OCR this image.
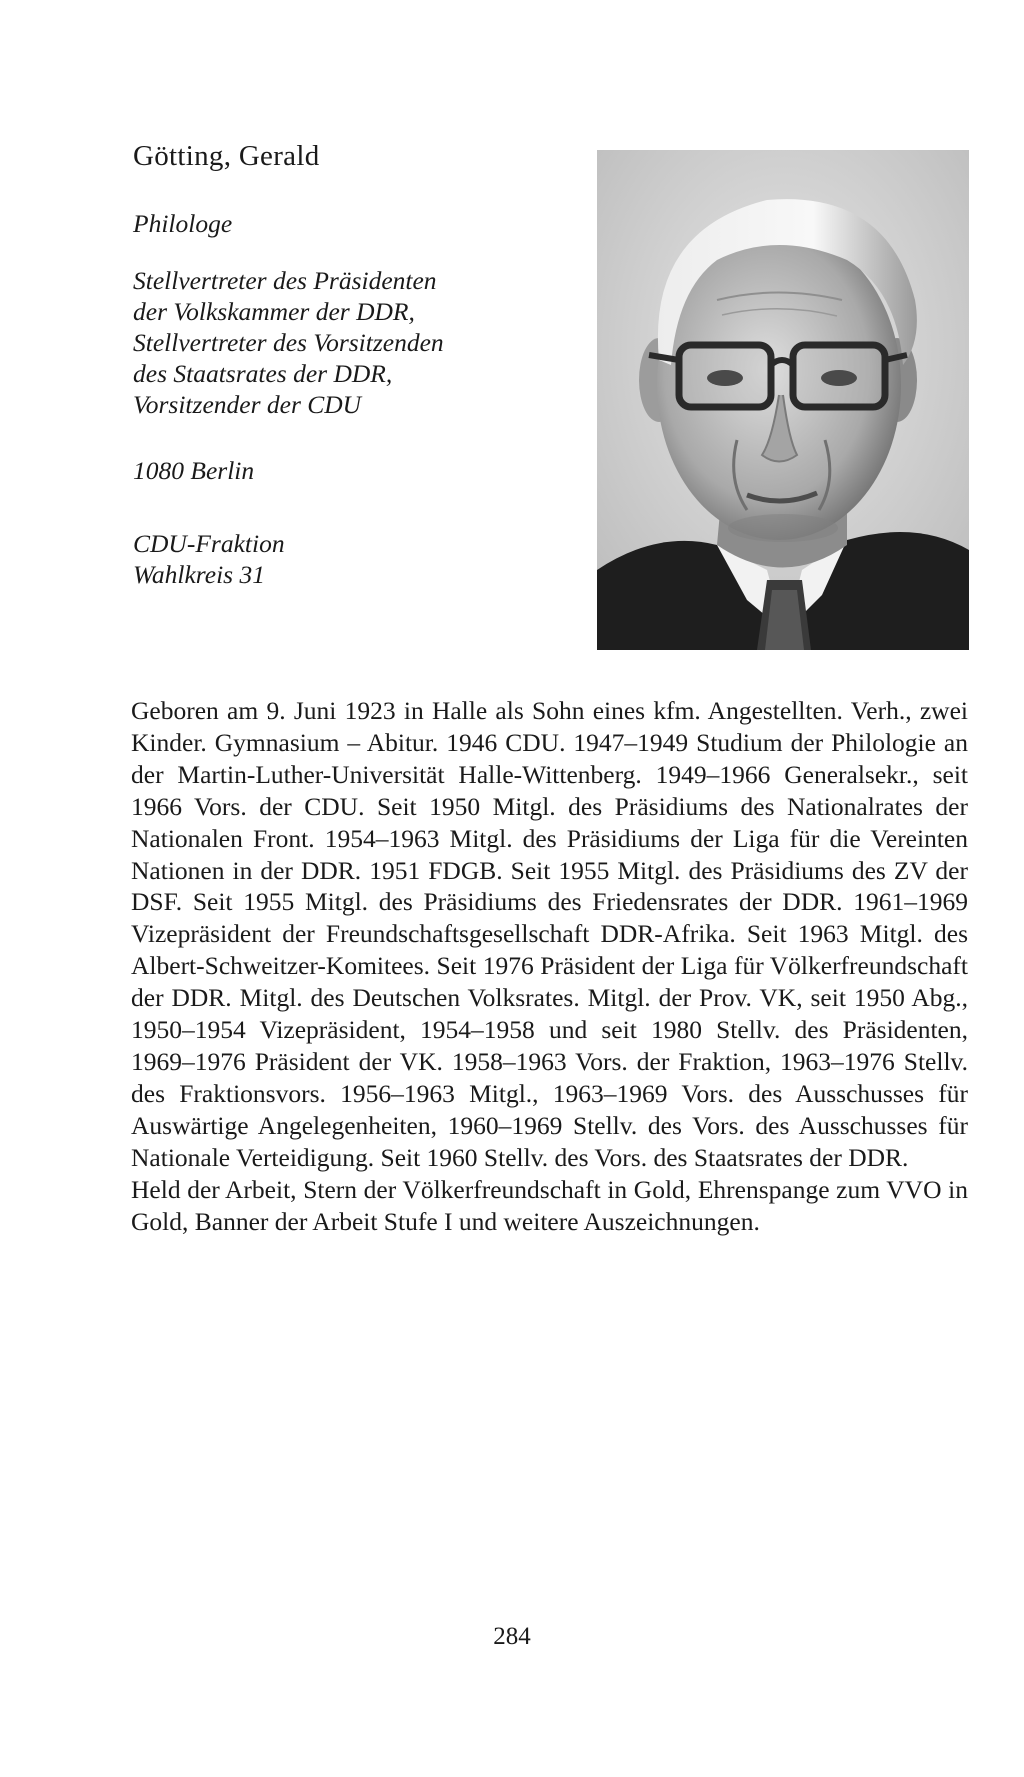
Götting, Gerald

Philologe

Stellvertreter des Präsidenten
der Volkskammer der DDR,
Stellvertreter des Vorsitzenden
des Staatsrates der DDR,
Vorsitzender der CDU

1080 Berlin

CDU-Fraktion
Wahlkreis 31

Geboren am 9. Juni 1923 in Halle als Sohn eines kfm. Angestellten. Verh., zwei Kinder. Gymnasium – Abitur. 1946 CDU. 1947–1949 Studium der Philologie an der Martin-Luther-Universität Halle-Wittenberg. 1949–1966 Generalsekr., seit 1966 Vors. der CDU. Seit 1950 Mitgl. des Präsidiums des Nationalrates der Nationalen Front. 1954–1963 Mitgl. des Präsidiums der Liga für die Vereinten Nationen in der DDR. 1951 FDGB. Seit 1955 Mitgl. des Präsidiums des ZV der DSF. Seit 1955 Mitgl. des Präsidiums des Friedensrates der DDR. 1961–1969 Vizepräsident der Freundschaftsgesellschaft DDR-Afrika. Seit 1963 Mitgl. des Albert-Schweitzer-Komitees. Seit 1976 Präsident der Liga für Völkerfreundschaft der DDR. Mitgl. des Deutschen Volksrates. Mitgl. der Prov. VK, seit 1950 Abg., 1950–1954 Vizepräsident, 1954–1958 und seit 1980 Stellv. des Präsidenten, 1969–1976 Präsident der VK. 1958–1963 Vors. der Fraktion, 1963–1976 Stellv. des Fraktionsvors. 1956–1963 Mitgl., 1963–1969 Vors. des Ausschusses für Auswärtige Angelegenheiten, 1960–1969 Stellv. des Vors. des Ausschusses für Nationale Verteidigung. Seit 1960 Stellv. des Vors. des Staatsrates der DDR.

Held der Arbeit, Stern der Völkerfreundschaft in Gold, Ehrenspange zum VVO in Gold, Banner der Arbeit Stufe I und weitere Auszeichnungen.

284
